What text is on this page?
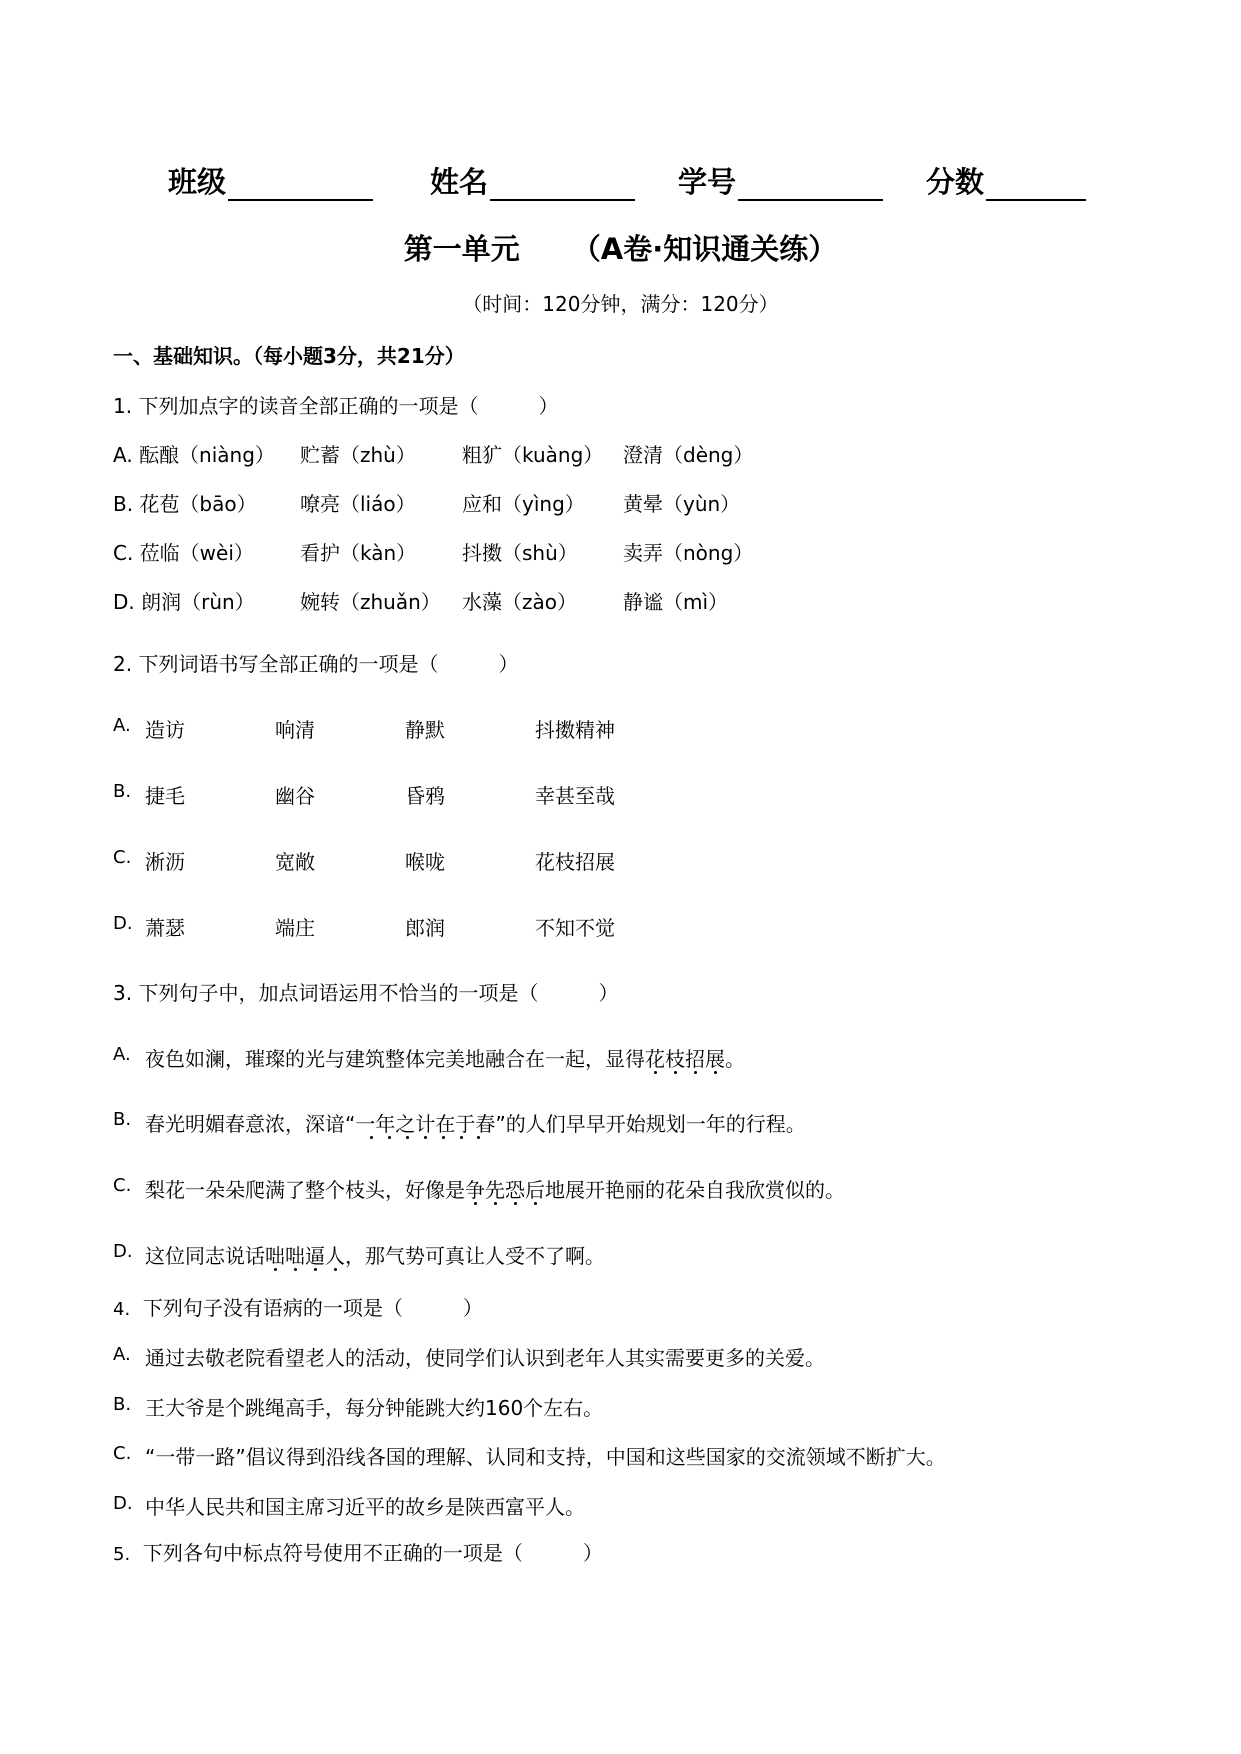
班级	姓名	学号	分数
第一单元 （A卷·知识通关练）
（时间：120分钟，满分：120分）
一、基础知识。（每小题3分，共21分）
1. 下列加点字的读音全部正确的一项是（　　　）
A. 酝酿（niàng） 贮蓄（zhù） 粗犷（kuàng） 澄清（dèng）
B. 花苞（bāo） 嘹亮（liáo） 应和（yìng） 黄晕（yùn）
C. 莅临（wèi） 看护（kàn） 抖擞（shù） 卖弄（nòng）
D. 朗润（rùn） 婉转（zhuǎn） 水藻（zào） 静谧（mì）
2. 下列词语书写全部正确的一项是（　　　）
A. 造访	响清	静默	抖擞精神
B. 捷毛	幽谷	昏鸦	幸甚至哉
C. 淅沥	宽敞	喉咙	花枝招展
D. 萧瑟	端庄	郎润	不知不觉
3. 下列句子中，加点词语运用不恰当的一项是（　　　）
A. 夜色如澜，璀璨的光与建筑整体完美地融合在一起，显得花枝招展
。
B. 春光明媚春意浓，深谙“一年之计在于春”
的人们早早开始规划一年的行程。
C. 梨花一朵朵爬满了整个枝头，好像是争先恐后
地展开艳丽的花朵自我欣赏似的。
D. 这位同志说话咄咄逼人
，那气势可真让人受不了啊。
4. 下列句子没有语病的一项是（　　　）
A. 通过去敬老院看望老人的活动，使同学们认识到老年人其实需要更多的关爱。
B. 王大爷是个跳绳高手，每分钟能跳大约160个左右。
C. “一带一路”倡议得到沿线各国的理解、认同和支持，中国和这些国家的交流领域不断扩大。
D. 中华人民共和国主席习近平的故乡是陕西富平人。
5. 下列各句中标点符号使用不正确的一项是（　　　）
